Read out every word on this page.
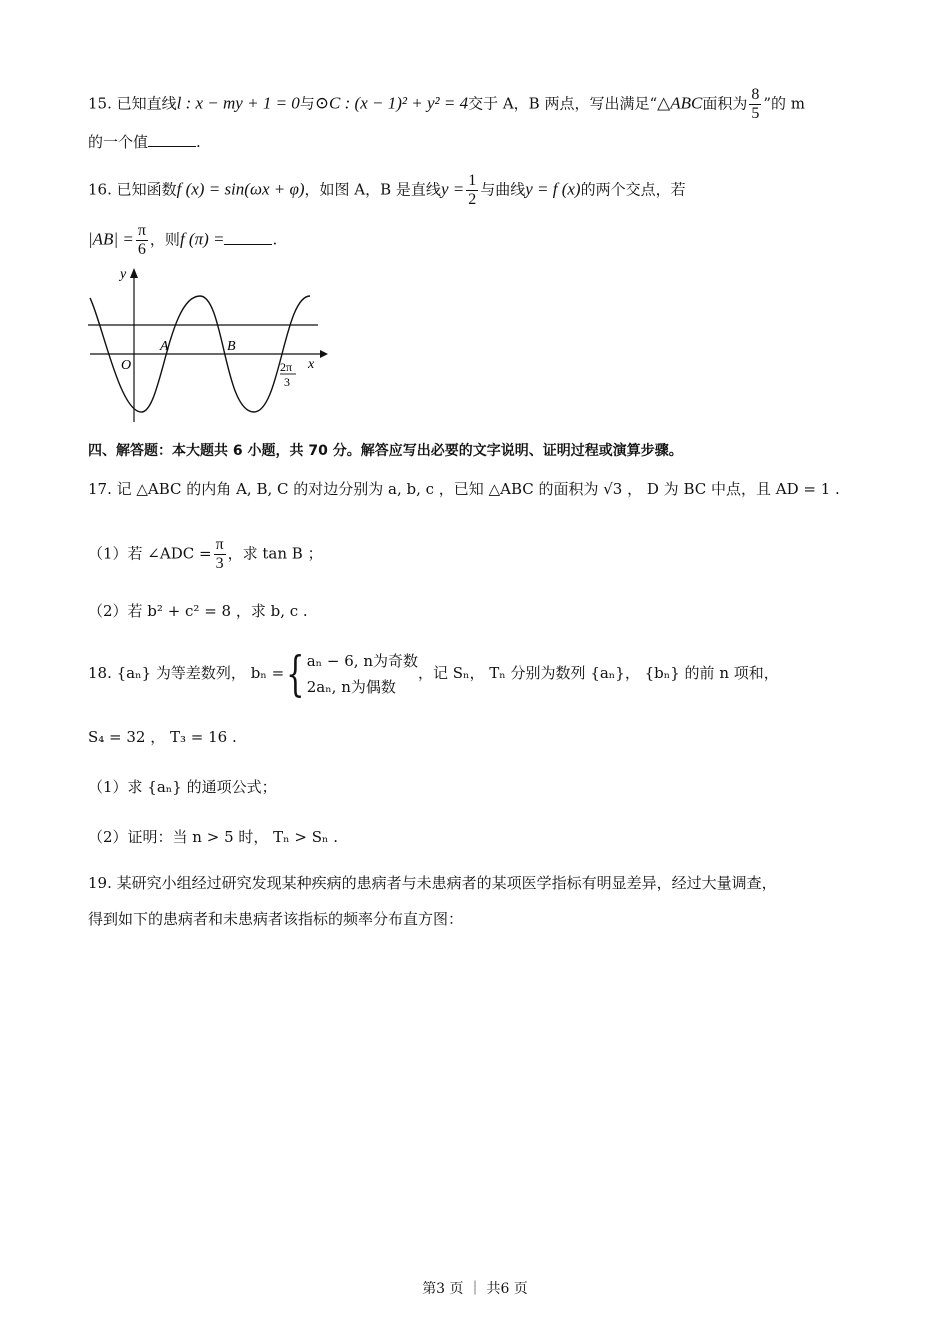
15. 已知直线l : x − my + 1 = 0与⊙C : (x − 1)² + y² = 4交于 A，B 两点，写出满足“△ABC面积为 $\frac{8}{5}$ ”的 m
的一个值	.
16. 已知函数f (x) = sin(ωx + φ)，如图 A，B 是直线$y = \frac{1}{2}$ 与曲线y = f (x)的两个交点，若
$|AB| = \frac{\pi}{6}$ ，则f (π) =	.
y
x
O
A	B
2π
3
四、解答题：本大题共 6 小题，共 70 分。解答应写出必要的文字说明、证明过程或演算步骤。
17. 记 △ABC 的内角 A, B, C 的对边分别为 a, b, c ，已知 △ABC 的面积为 √3 ， D 为 BC 中点，且 AD = 1 .
（1）若 ∠ADC = $\frac{\pi}{3}$ ，求 tan B ；
（2）若 b² + c² = 8 ，求 b, c .
18. {aₙ} 为等差数列， bₙ ={ aₙ − 6, n为奇数
2aₙ, n为偶数
，记 Sₙ， Tₙ 分别为数列 {aₙ}， {bₙ} 的前 n 项和，
S₄ = 32 ， T₃ = 16 .
（1）求 {aₙ} 的通项公式；
（2）证明：当 n > 5 时， Tₙ > Sₙ .
19. 某研究小组经过研究发现某种疾病的患病者与未患病者的某项医学指标有明显差异，经过大量调查，
得到如下的患病者和未患病者该指标的频率分布直方图：
第3 页 ｜ 共6 页
